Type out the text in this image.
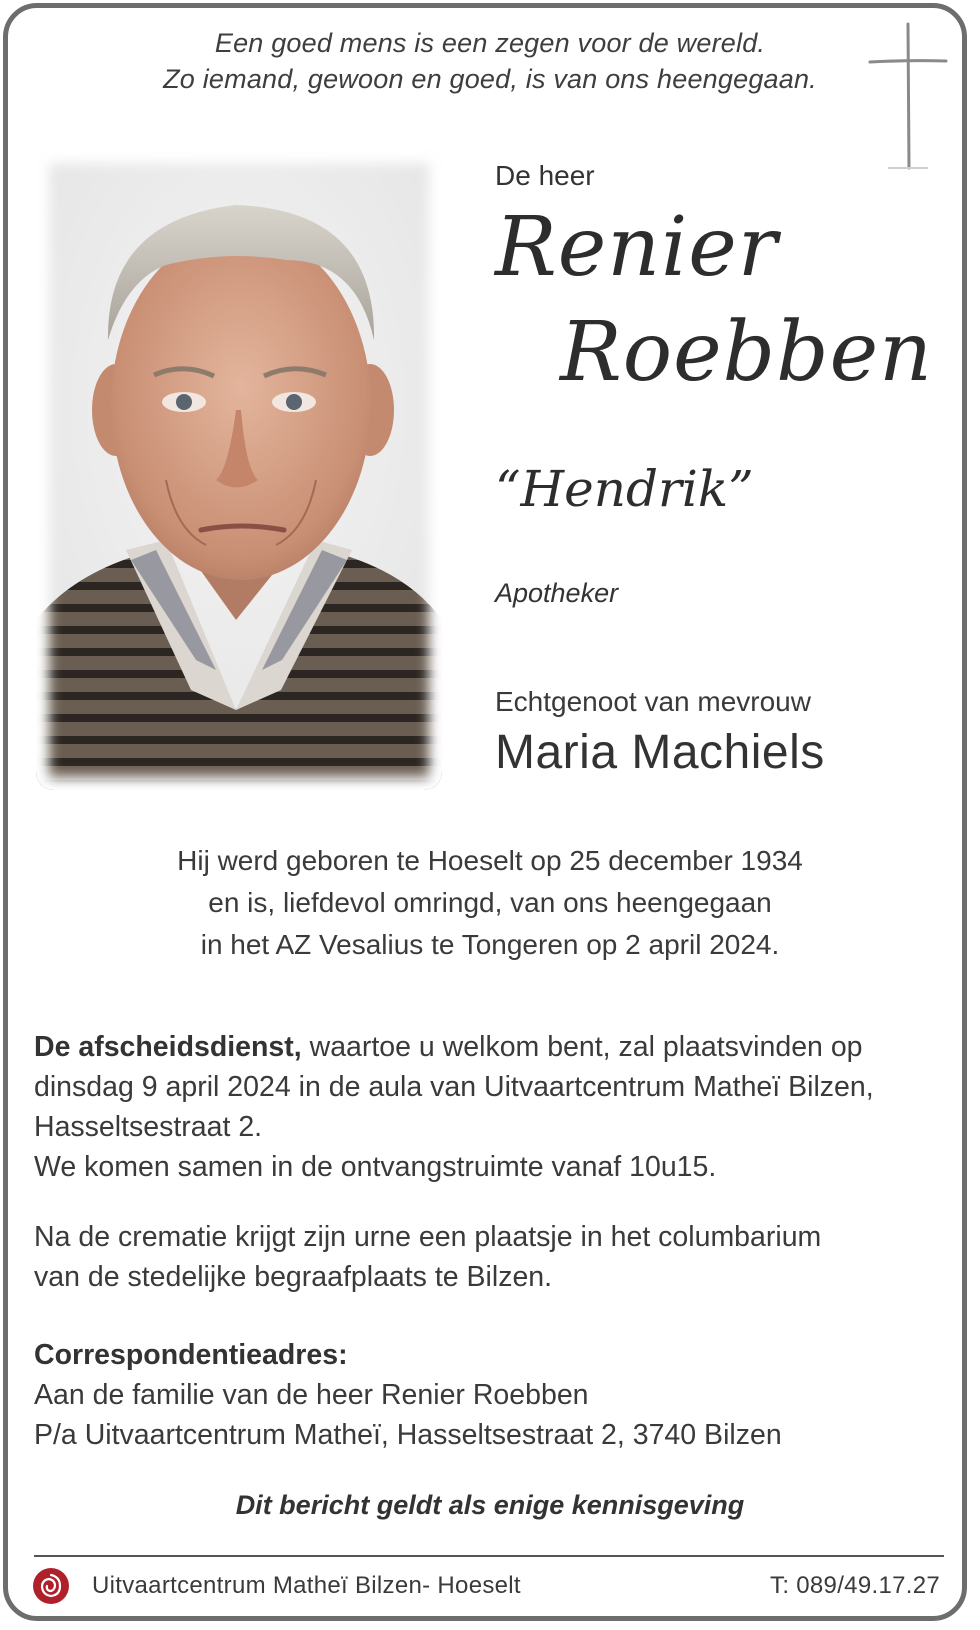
Een goed mens is een zegen voor de wereld.
Zo iemand, gewoon en goed, is van ons heengegaan.
De heer
Renier
Roebben
“Hendrik”
Apotheker
Echtgenoot van mevrouw
Maria Machiels
Hij werd geboren te Hoeselt op 25 december 1934
en is, liefdevol omringd, van ons heengegaan
in het AZ Vesalius te Tongeren op 2 april 2024.
De afscheidsdienst, waartoe u welkom bent, zal plaatsvinden op
dinsdag 9 april 2024 in de aula van Uitvaartcentrum Matheï Bilzen,
Hasseltsestraat 2.
We komen samen in de ontvangstruimte vanaf 10u15.
Na de crematie krijgt zijn urne een plaatsje in het columbarium
van de stedelijke begraafplaats te Bilzen.
Correspondentieadres:
Aan de familie van de heer Renier Roebben
P/a Uitvaartcentrum Matheï, Hasseltsestraat 2, 3740 Bilzen
Dit bericht geldt als enige kennisgeving
Uitvaartcentrum Matheï Bilzen- Hoeselt	T: 089/49.17.27
